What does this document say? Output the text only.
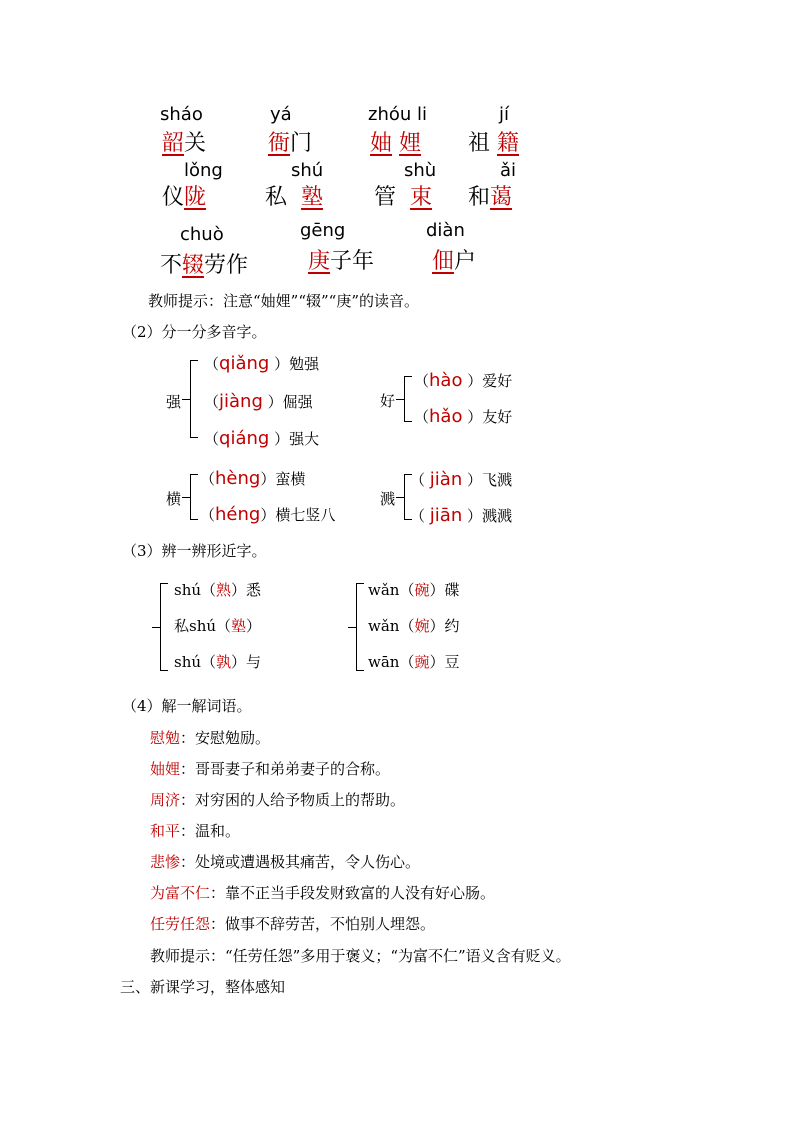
sháo
韶关
yá
衙门
zhóu li
妯 娌
jí
祖 籍
lǒng
仪陇
shú
私 塾
shù
管 束
ǎi
和蔼
chuò
不辍劳作
gēng
庚子年
diàn
佃户
教师提示：注意“妯娌”“辍”“庚”的读音。
（2）分一分多音字。
强
（qiǎng ）勉强
（jiàng ）倔强
（qiáng ）强大
好
（hào ）爱好
（hǎo ）友好
横
（hèng）蛮横
（héng）横七竖八
溅
（ jiàn ）飞溅
（ jiān ）溅溅
（3）辨一辨形近字。
shú（熟）悉
私shú（塾）
shú（孰）与
wǎn（碗）碟
wǎn（婉）约
wān（豌）豆
（4）解一解词语。
慰勉：安慰勉励。
妯娌：哥哥妻子和弟弟妻子的合称。
周济：对穷困的人给予物质上的帮助。
和平：温和。
悲惨：处境或遭遇极其痛苦，令人伤心。
为富不仁：靠不正当手段发财致富的人没有好心肠。
任劳任怨：做事不辞劳苦，不怕别人埋怨。
教师提示：“任劳任怨”多用于褒义；“为富不仁”语义含有贬义。
三、新课学习，整体感知
